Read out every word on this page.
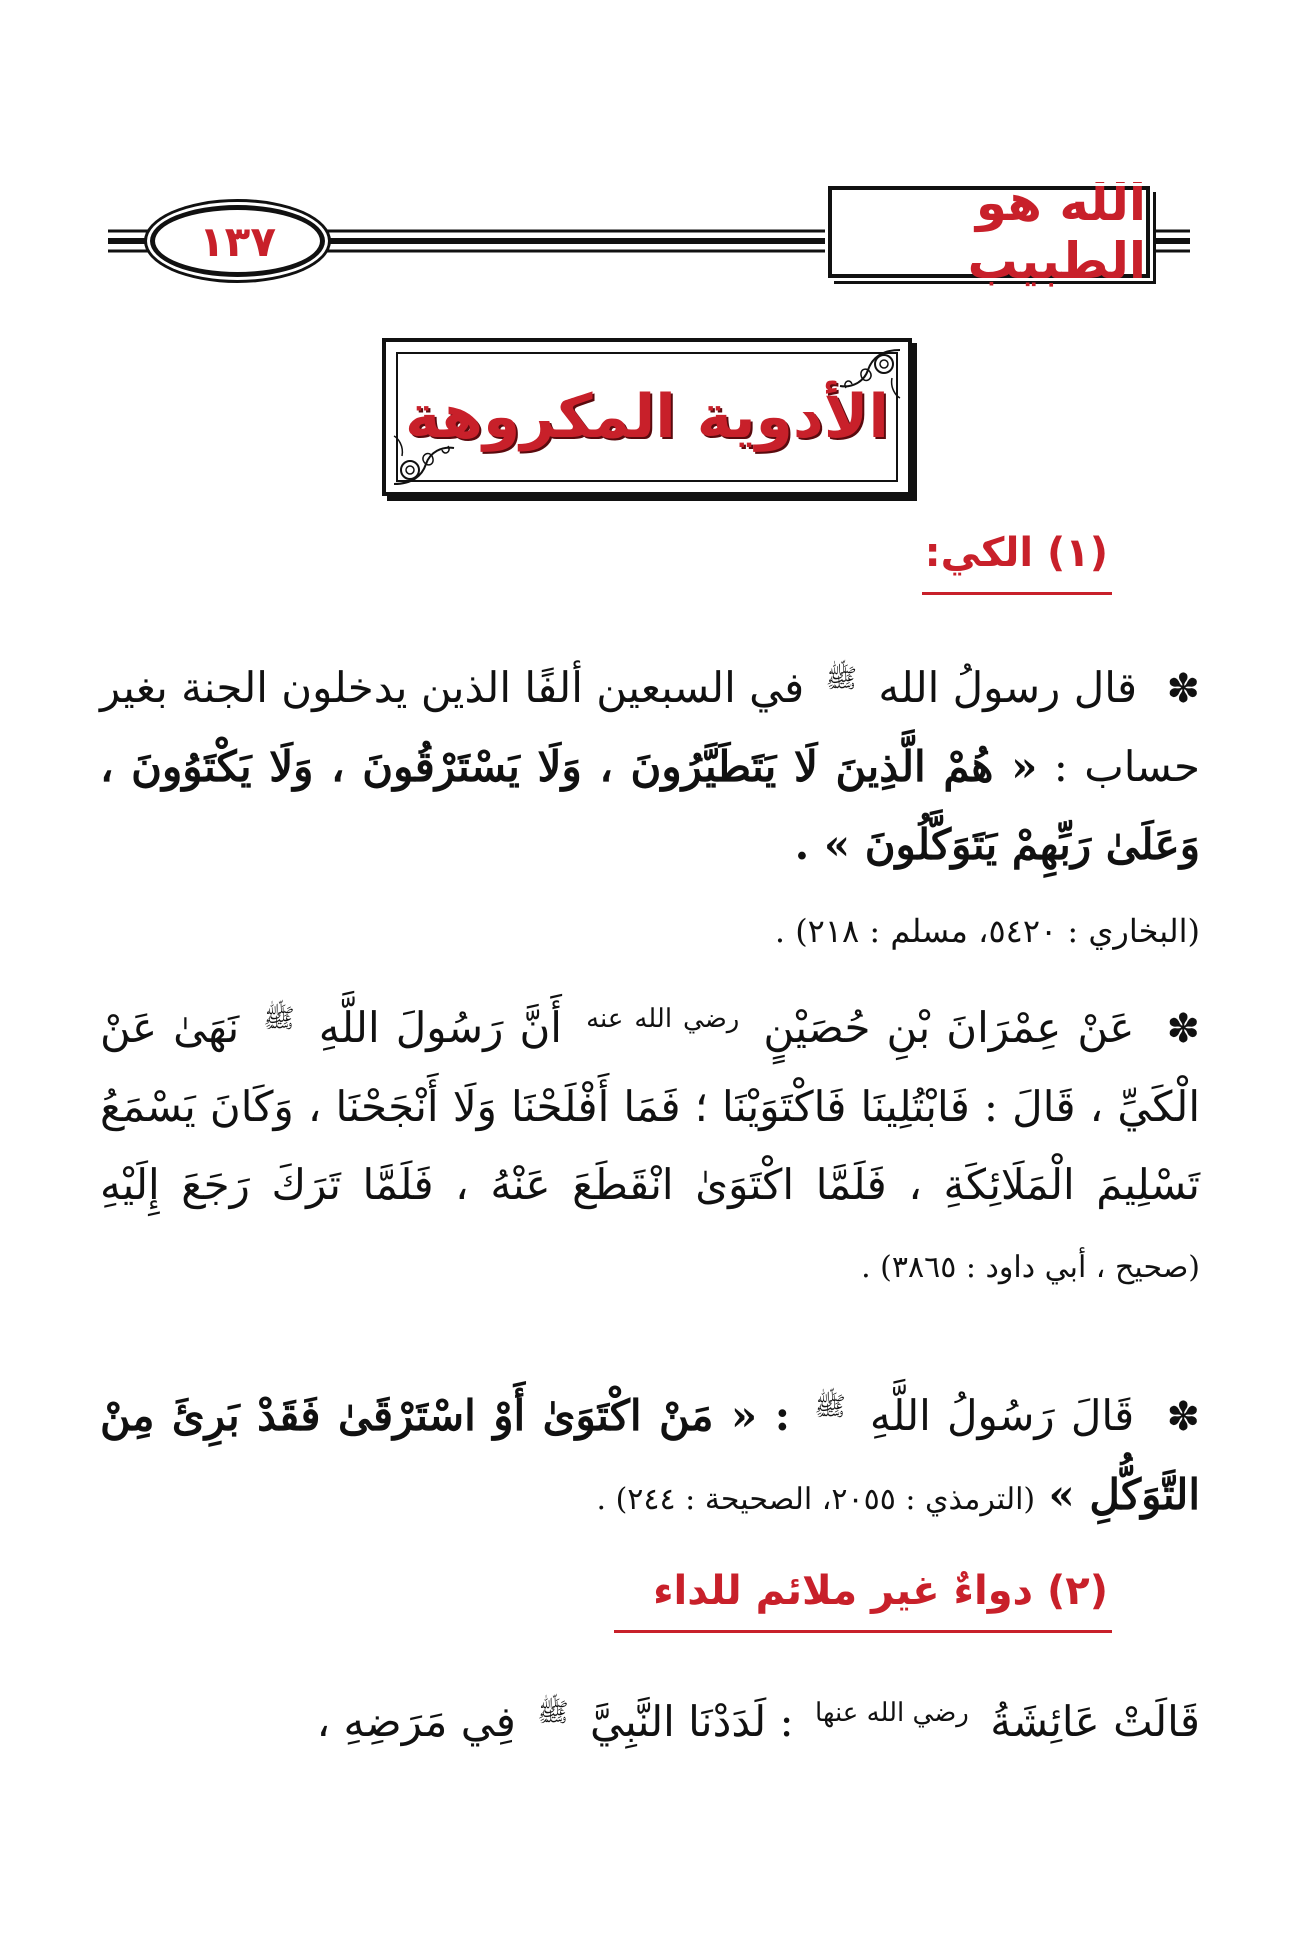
١٣٧
الله هو الطبيب
الأدوية المكروهة
(١) الكي:
✽ قال رسولُ الله $^ﷺ$ في السبعين ألفًا الذين يدخلون الجنة بغير حساب : « هُمْ الَّذِينَ لَا يَتَطَيَّرُونَ ، وَلَا يَسْتَرْقُونَ ، وَلَا يَكْتَوُونَ ، وَعَلَىٰ رَبِّهِمْ يَتَوَكَّلُونَ » .
(البخاري : ٥٤٢٠، مسلم : ٢١٨) .
✽ عَنْ عِمْرَانَ بْنِ حُصَيْنٍ $^{رضي الله عنه}$ أَنَّ رَسُولَ اللَّهِ $^ﷺ$ نَهَىٰ عَنْ الْكَيِّ ، قَالَ : فَابْتُلِينَا فَاكْتَوَيْنَا ؛ فَمَا أَفْلَحْنَا وَلَا أَنْجَحْنَا ، وَكَانَ يَسْمَعُ تَسْلِيمَ الْمَلَائِكَةِ ، فَلَمَّا اكْتَوَىٰ انْقَطَعَ عَنْهُ ، فَلَمَّا تَرَكَ رَجَعَ إِلَيْهِ (صحيح ، أبي داود : ٣٨٦٥) .
✽ قَالَ رَسُولُ اللَّهِ $^ﷺ$ : « مَنْ اكْتَوَىٰ أَوْ اسْتَرْقَىٰ فَقَدْ بَرِئَ مِنْ التَّوَكُّلِ » (الترمذي : ٢٠٥٥، الصحيحة : ٢٤٤) .
(٢) دواءٌ غير ملائم للداء
قَالَتْ عَائِشَةُ $^{رضي الله عنها}$ : لَدَدْنَا النَّبِيَّ $^ﷺ$ فِي مَرَضِهِ ،
